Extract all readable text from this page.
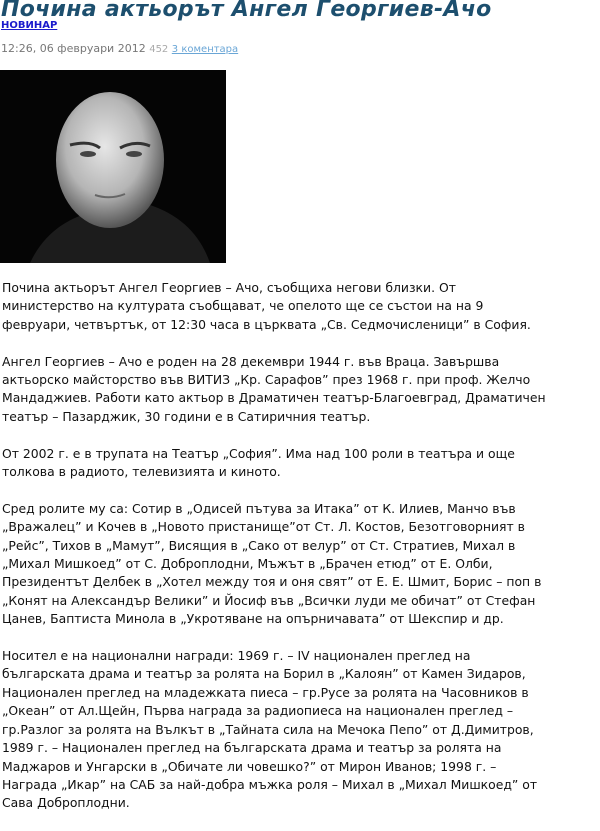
Почина актьорът Ангел Георгиев-Ачо
НОВИНАР
12:26, 06 февруари 2012 452 3 коментара

Почина актьорът Ангел Георгиев – Ачо, съобщиха негови близки. От
министерство на културата съобщават, че опелото ще се състои на на 9
февруари, четвъртък, от 12:30 часа в църквата „Св. Седмочисленици” в София.

Ангел Георгиев – Ачо е роден на 28 декември 1944 г. във Враца. Завършва
актьорско майсторство във ВИТИЗ „Кр. Сарафов” през 1968 г. при проф. Желчо
Мандаджиев. Работи като актьор в Драматичен театър-Благоевград, Драматичен
театър – Пазарджик, 30 години е в Сатиричния театър.

От 2002 г. е в трупата на Театър „София”. Има над 100 роли в театъра и още
толкова в радиото, телевизията и киното.

Сред ролите му са: Сотир в „Одисей пътува за Итака” от К. Илиев, Манчо във
„Вражалец” и Кочев в „Новото пристанище”от Ст. Л. Костов, Безотговорният в
„Рейс”, Тихов в „Мамут”, Висящия в „Сако от велур” от Ст. Стратиев, Михал в
„Михал Мишкоед” от С. Доброплодни, Мъжът в „Брачен етюд” от Е. Олби,
Президентът Делбек в „Хотел между тоя и оня свят” от Е. Е. Шмит, Борис – поп в
„Конят на Александър Велики” и Йосиф във „Всички луди ме обичат” от Стефан
Цанев, Баптиста Минола в „Укротяване на опърничавата” от Шекспир и др.

Носител е на национални награди: 1969 г. – IV национален преглед на
българската драма и театър за ролята на Борил в „Калоян” от Камен Зидаров,
Национален преглед на младежката пиеса – гр.Русе за ролята на Часовников в
„Океан” от Ал.Щейн, Първа награда за радиопиеса на национален преглед –
гр.Разлог за ролята на Вълкът в „Тайната сила на Мечока Пепо” от Д.Димитров,
1989 г. – Национален преглед на българската драма и театър за ролята на
Маджаров и Унгарски в „Обичате ли човешко?” от Мирон Иванов; 1998 г. –
Награда „Икар” на САБ за най-добра мъжка роля – Михал в „Михал Мишкоед” от
Сава Доброплодни.
